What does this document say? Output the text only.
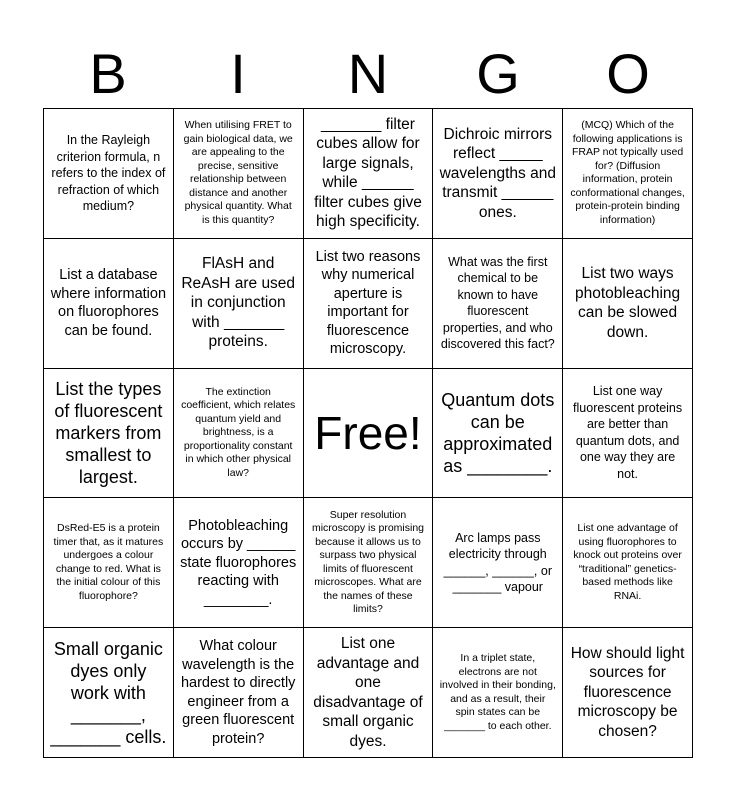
B	I	N	G	O
In the Rayleigh criterion formula, n refers to the index of refraction of which medium?
When utilising FRET to gain biological data, we are appealing to the precise, sensitive relationship between distance and another physical quantity. What is this quantity?
_______ filter cubes allow for large signals, while ______ filter cubes give high specificity.
Dichroic mirrors reflect _____ wavelengths and transmit ______ ones.
(MCQ) Which of the following applications is FRAP not typically used for? (Diffusion information, protein conformational changes, protein-protein binding information)
List a database where information on fluorophores can be found.
FlAsH and ReAsH are used in conjunction with _______ proteins.
List two reasons why numerical aperture is important for fluorescence microscopy.
What was the first chemical to be known to have fluorescent properties, and who discovered this fact?
List two ways photobleaching can be slowed down.
List the types of fluorescent markers from smallest to largest.
The extinction coefficient, which relates quantum yield and brightness, is a proportionality constant in which other physical law?
Free!
Quantum dots can be approximated as ________.
List one way fluorescent proteins are better than quantum dots, and one way they are not.
DsRed-E5 is a protein timer that, as it matures undergoes a colour change to red. What is the initial colour of this fluorophore?
Photobleaching occurs by ______ state fluorophores reacting with ________.
Super resolution microscopy is promising because it allows us to surpass two physical limits of fluorescent microscopes. What are the names of these limits?
Arc lamps pass electricity through ______, ______, or _______ vapour
List one advantage of using fluorophores to knock out proteins over “traditional” genetics-based methods like RNAi.
Small organic dyes only work with _______, _______ cells.
What colour wavelength is the hardest to directly engineer from a green fluorescent protein?
List one advantage and one disadvantage of small organic dyes.
In a triplet state, electrons are not involved in their bonding, and as a result, their spin states can be _______ to each other.
How should light sources for fluorescence microscopy be chosen?
